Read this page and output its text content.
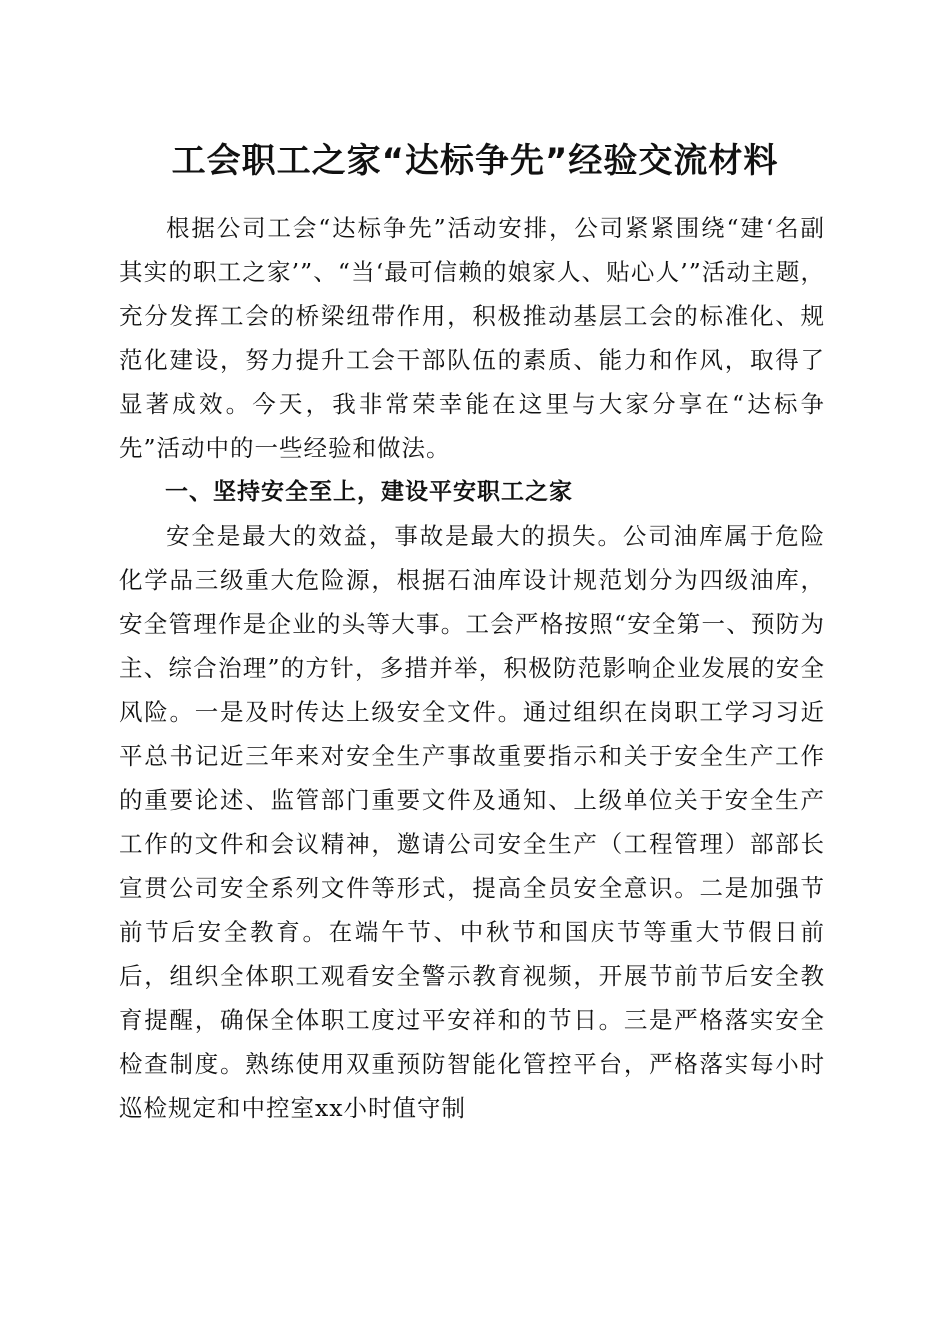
工会职工之家“达标争先”经验交流材料

根据公司工会“达标争先”活动安排，公司紧紧围绕“建‘名副其实的职工之家’”、“当‘最可信赖的娘家人、贴心人’”活动主题，充分发挥工会的桥梁纽带作用，积极推动基层工会的标准化、规范化建设，努力提升工会干部队伍的素质、能力和作风，取得了显著成效。今天，我非常荣幸能在这里与大家分享在“达标争先”活动中的一些经验和做法。

一、坚持安全至上，建设平安职工之家

安全是最大的效益，事故是最大的损失。公司油库属于危险化学品三级重大危险源，根据石油库设计规范划分为四级油库，安全管理作是企业的头等大事。工会严格按照“安全第一、预防为主、综合治理”的方针，多措并举，积极防范影响企业发展的安全风险。一是及时传达上级安全文件。通过组织在岗职工学习习近平总书记近三年来对安全生产事故重要指示和关于安全生产工作的重要论述、监管部门重要文件及通知、上级单位关于安全生产工作的文件和会议精神，邀请公司安全生产（工程管理）部部长宣贯公司安全系列文件等形式，提高全员安全意识。二是加强节前节后安全教育。在端午节、中秋节和国庆节等重大节假日前后，组织全体职工观看安全警示教育视频，开展节前节后安全教育提醒，确保全体职工度过平安祥和的节日。三是严格落实安全检查制度。熟练使用双重预防智能化管控平台，严格落实每小时巡检规定和中控室xx小时值守制
